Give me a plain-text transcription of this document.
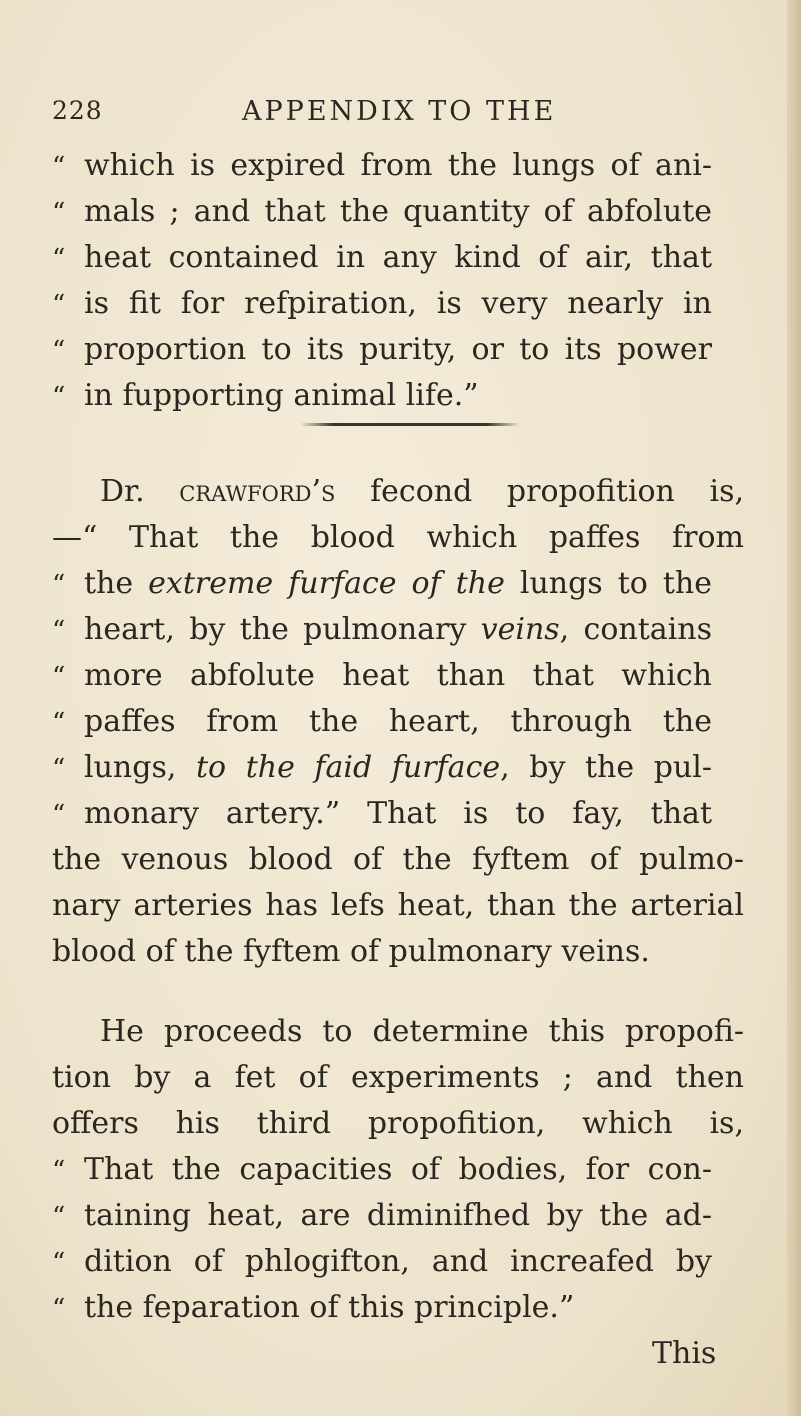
228	APPENDIX TO THE
“ which is expired from the lungs of ani-
“ mals ; and that the quantity of abfolute
“ heat contained in any kind of air, that
“ is fit for refpiration, is very nearly in
“ proportion to its purity, or to its power
“ in fupporting animal life.”
Dr. crawford’s fecond propofition is,
—“ That the blood which paffes from
“ the extreme furface of the lungs to the
“ heart, by the pulmonary veins, contains
“ more abfolute heat than that which
“ paffes from the heart, through the
“ lungs, to the faid furface, by the pul-
“ monary artery.” That is to fay, that
the venous blood of the fyftem of pulmo-
nary arteries has lefs heat, than the arterial
blood of the fyftem of pulmonary veins.
He proceeds to determine this propofi-
tion by a fet of experiments ; and then
offers his third propofition, which is,
“ That the capacities of bodies, for con-
“ taining heat, are diminifhed by the ad-
“ dition of phlogifton, and increafed by
“ the feparation of this principle.”
This
